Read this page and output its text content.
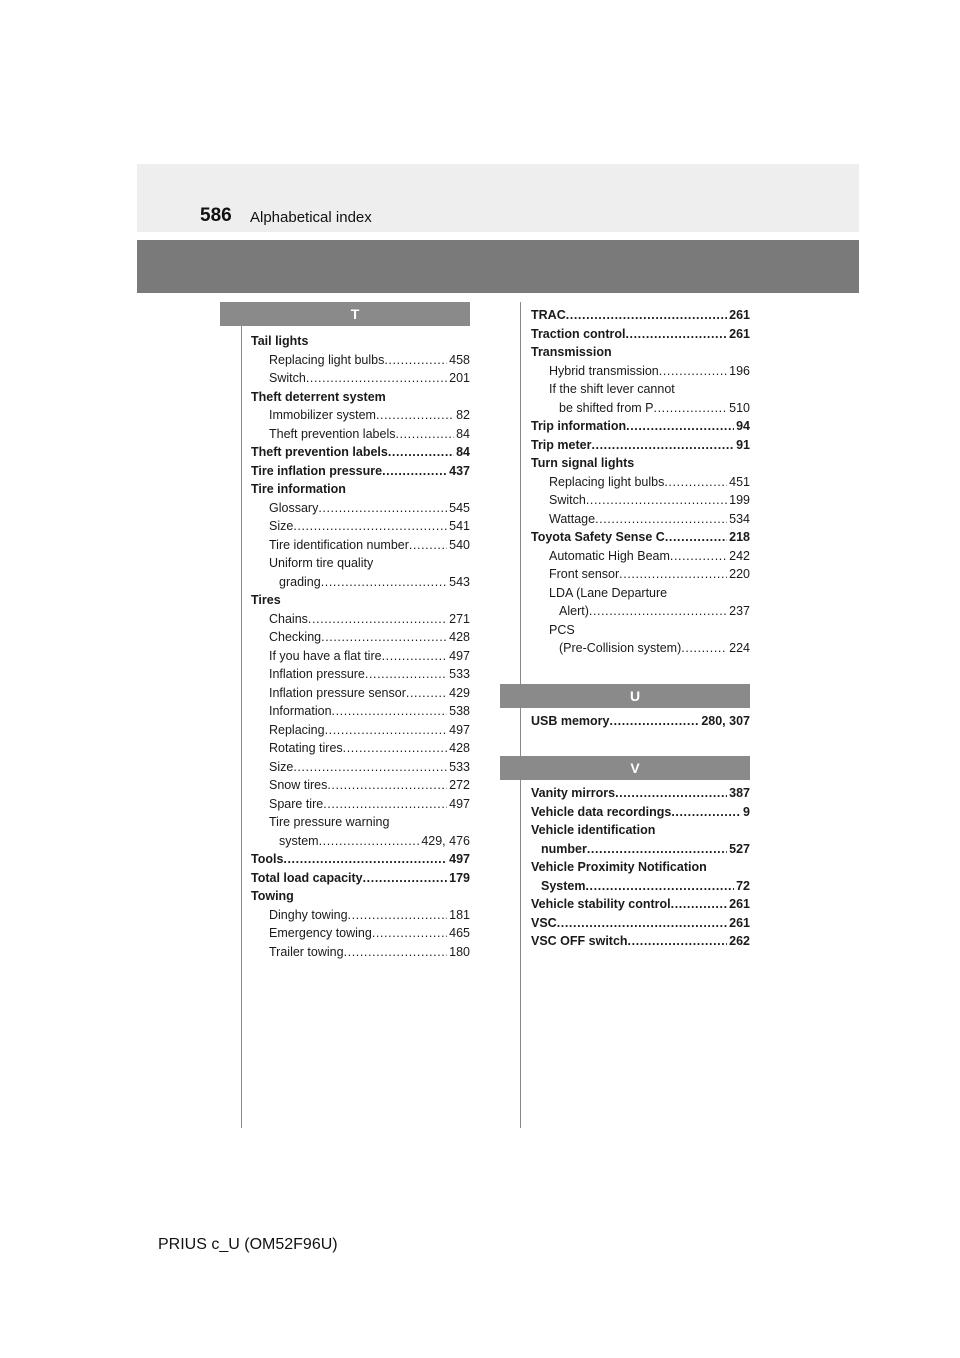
586 Alphabetical index
T
Tail lights
Replacing light bulbs .....	458
Switch .....	201
Theft deterrent system
Immobilizer system .....	82
Theft prevention labels .....	84
Theft prevention labels .....	84
Tire inflation pressure .....	437
Tire information
Glossary .....	545
Size .....	541
Tire identification number .....	540
Uniform tire quality
grading .....	543
Tires
Chains .....	271
Checking .....	428
If you have a flat tire .....	497
Inflation pressure .....	533
Inflation pressure sensor .....	429
Information .....	538
Replacing .....	497
Rotating tires .....	428
Size .....	533
Snow tires .....	272
Spare tire .....	497
Tire pressure warning
system .....	429, 476
Tools .....	497
Total load capacity .....	179
Towing
Dinghy towing .....	181
Emergency towing .....	465
Trailer towing .....	180
TRAC .....	261
Traction control .....	261
Transmission
Hybrid transmission .....	196
If the shift lever cannot
be shifted from P .....	510
Trip information .....	94
Trip meter .....	91
Turn signal lights
Replacing light bulbs .....	451
Switch .....	199
Wattage .....	534
Toyota Safety Sense C .....	218
Automatic High Beam .....	242
Front sensor .....	220
LDA (Lane Departure
Alert) .....	237
PCS
(Pre-Collision system) .....	224
U
USB memory .....	280, 307
V
Vanity mirrors .....	387
Vehicle data recordings .....	9
Vehicle identification
number .....	527
Vehicle Proximity Notification
System .....	72
Vehicle stability control .....	261
VSC .....	261
VSC OFF switch .....	262
PRIUS c_U (OM52F96U)
